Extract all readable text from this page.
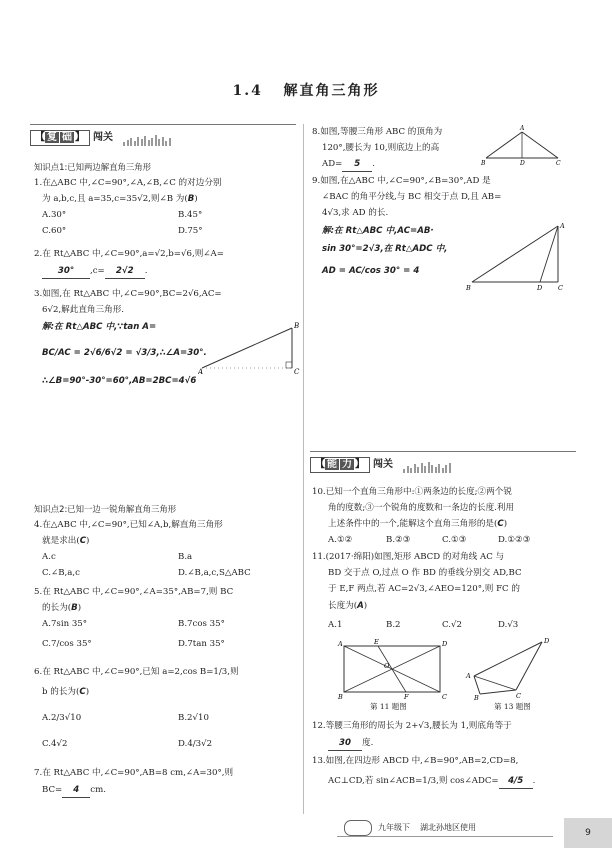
1.4 解直角三角形
【 复 础 】 闯关
知识点1:已知两边解直角三角形
1.在△ABC 中,∠C=90°,∠A,∠B,∠C 的对边分别
为 a,b,c,且 a=35,c=35√2,则∠B 为(B)
A.30°	B.45°
C.60°	D.75°
2.在 Rt△ABC 中,∠C=90°,a=√2,b=√6,则∠A=
30° ,c= 2√2 .
3.如图,在 Rt△ABC 中,∠C=90°,BC=2√6,AC=
6√2,解此直角三角形.
解:在 Rt△ABC 中,∵tan A=
BC/AC = 2√6/6√2 = √3/3,∴∠A=30°.
∴∠B=90°-30°=60°,AB=2BC=4√6
B
A	C
知识点2:已知一边一锐角解直角三角形
4.在△ABC 中,∠C=90°,已知∠A,b,解直角三角形
就是求出(C)
A.c	B.a
C.∠B,a,c	D.∠B,a,c,S△ABC
5.在 Rt△ABC 中,∠C=90°,∠A=35°,AB=7,则 BC
的长为(B)
A.7sin 35°	B.7cos 35°
C.7/cos 35°	D.7tan 35°
6.在 Rt△ABC 中,∠C=90°,已知 a=2,cos B=1/3,则
b 的长为(C)
A.2/3√10	B.2√10
C.4√2	D.4/3√2
7.在 Rt△ABC 中,∠C=90°,AB=8 cm,∠A=30°,则
BC= 4 cm.
8.如图,等腰三角形 ABC 的顶角为
120°,腰长为 10,则底边上的高
AD= 5 .
A
B	D	C
9.如图,在△ABC 中,∠C=90°,∠B=30°,AD 是
∠BAC 的角平分线,与 BC 相交于点 D,且 AB=
4√3,求 AD 的长.
解:在 Rt△ABC 中,AC=AB·
sin 30°=2√3,在 Rt△ADC 中,
AD = AC/cos 30° = 4
A
B	D C
【 能 力 】 闯关
10.已知一个直角三角形中:①两条边的长度;②两个锐
角的度数;③一个锐角的度数和一条边的长度.利用
上述条件中的一个,能解这个直角三角形的是(C)
A.①②	B.②③	C.①③	D.①②③
11.(2017·绵阳)如图,矩形 ABCD 的对角线 AC 与
BD 交于点 O,过点 O 作 BD 的垂线分别交 AD,BC
于 E,F 两点,若 AC=2√3,∠AEO=120°,则 FC 的
长度为(A)
A.1	B.2	C.√2	D.√3
A	E	D
O
B	F	C
第 11 题图
D
A
B	C
第 13 题图
12.等腰三角形的周长为 2+√3,腰长为 1,则底角等于
30 度.
13.如图,在四边形 ABCD 中,∠B=90°,AB=2,CD=8,
AC⊥CD,若 sin∠ACB=1/3,则 cos∠ADC= 4/5 .
九年级下 湖北孙地区使用
9
